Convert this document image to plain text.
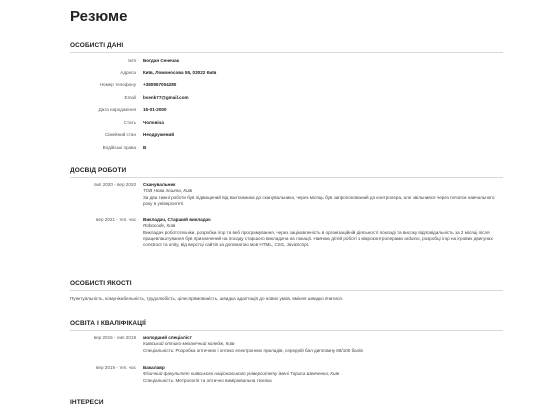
Резюме
ОСОБИСТІ ДАНІ
Ім'я Богдан Сенечак
Адреса Київ, Ломоносова 55, 03022 Київ
Номер телефону +380957004280
Email bsenk77@gmail.com
Дата народження 15-01-2000
Стать Чоловіча
Сімейний стан Неодружений
Водійські права B
ДОСВІД РОБОТИ
лип 2020 - вер 2020 Сканувальник
ТОВ Нова пошта, Київ
За два тижні роботи був підвищений від вантажника до сканувальника, через місяць був запропонований до контролера, але звільнився через початок навчального року в університеті.
вер 2021 - теп. час Викладач, Старший викладач
Robocode, Київ
Викладач робототехніки, розробки ігор та веб програмування, через зацікавленість в організаційній діяльності покладі та високу відповідальність за 2 місяці після працевлаштування був призначений на посаду старшого викладача на локації. Навчаю дітей роботі з мікроконтролерами arduino, розробці ігор на ігрових двигунах construct та unity, від верстці сайтів за допомогою мов HTML, CSS, JavaScript.
ОСОБИСТІ ЯКОСТІ
Пунктуальність, комунікабельність, трудолюбість, цілеспрямованість, швидка адаптація до нових умов, вміння швидко вчитися.
ОСВІТА І КВАЛІФІКАЦІЇ
вер 2015 - лип 2019 молодший спеціаліст
Київський оптико-механічний коледж, Київ
Спеціальність: Розробка оптичних і оптико електронних приладів, середній бал дипломну 88/100 балів
вер 2019 - теп. час Бакалавр
Фізичний факультет київського національного університету імені Тараса Шевченка, Київ
Спеціальність: Метрологія та оптично вимірювальна техніка
ІНТЕРЕСИ
